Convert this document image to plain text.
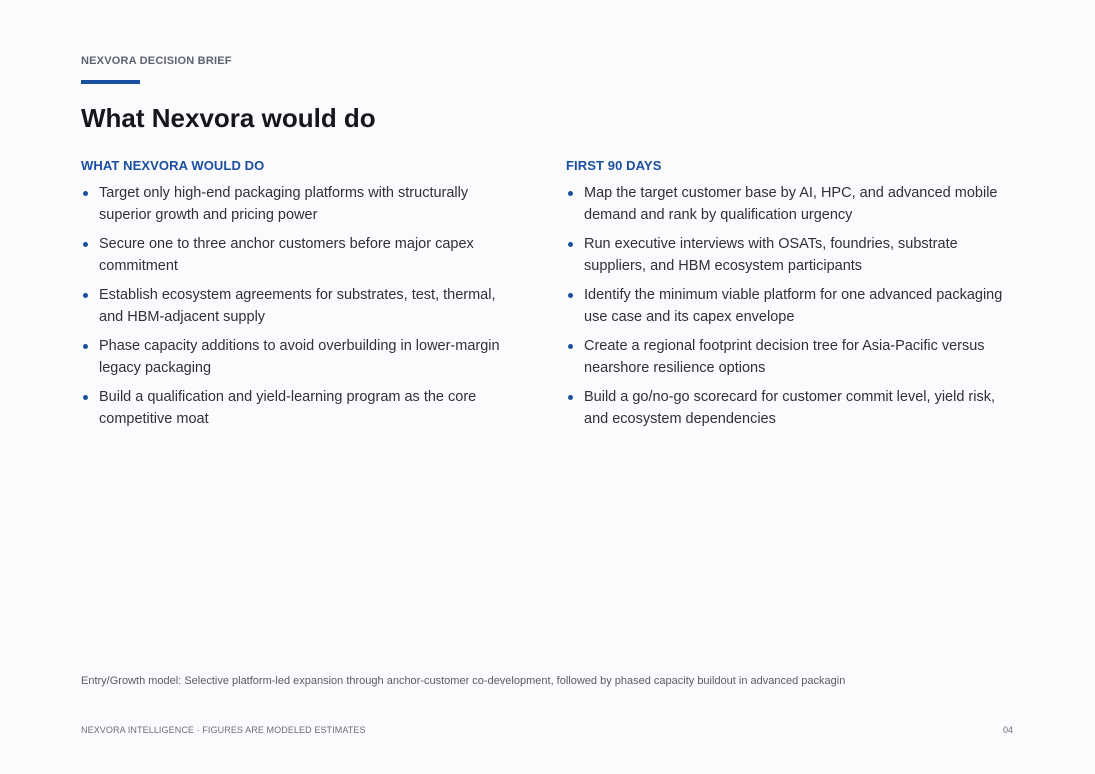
NEXVORA DECISION BRIEF
What Nexvora would do
WHAT NEXVORA WOULD DO
Target only high-end packaging platforms with structurally superior growth and pricing power
Secure one to three anchor customers before major capex commitment
Establish ecosystem agreements for substrates, test, thermal, and HBM-adjacent supply
Phase capacity additions to avoid overbuilding in lower-margin legacy packaging
Build a qualification and yield-learning program as the core competitive moat
FIRST 90 DAYS
Map the target customer base by AI, HPC, and advanced mobile demand and rank by qualification urgency
Run executive interviews with OSATs, foundries, substrate suppliers, and HBM ecosystem participants
Identify the minimum viable platform for one advanced packaging use case and its capex envelope
Create a regional footprint decision tree for Asia-Pacific versus nearshore resilience options
Build a go/no-go scorecard for customer commit level, yield risk, and ecosystem dependencies
Entry/Growth model: Selective platform-led expansion through anchor-customer co-development, followed by phased capacity buildout in advanced packagin
NEXVORA INTELLIGENCE · FIGURES ARE MODELED ESTIMATES	04
